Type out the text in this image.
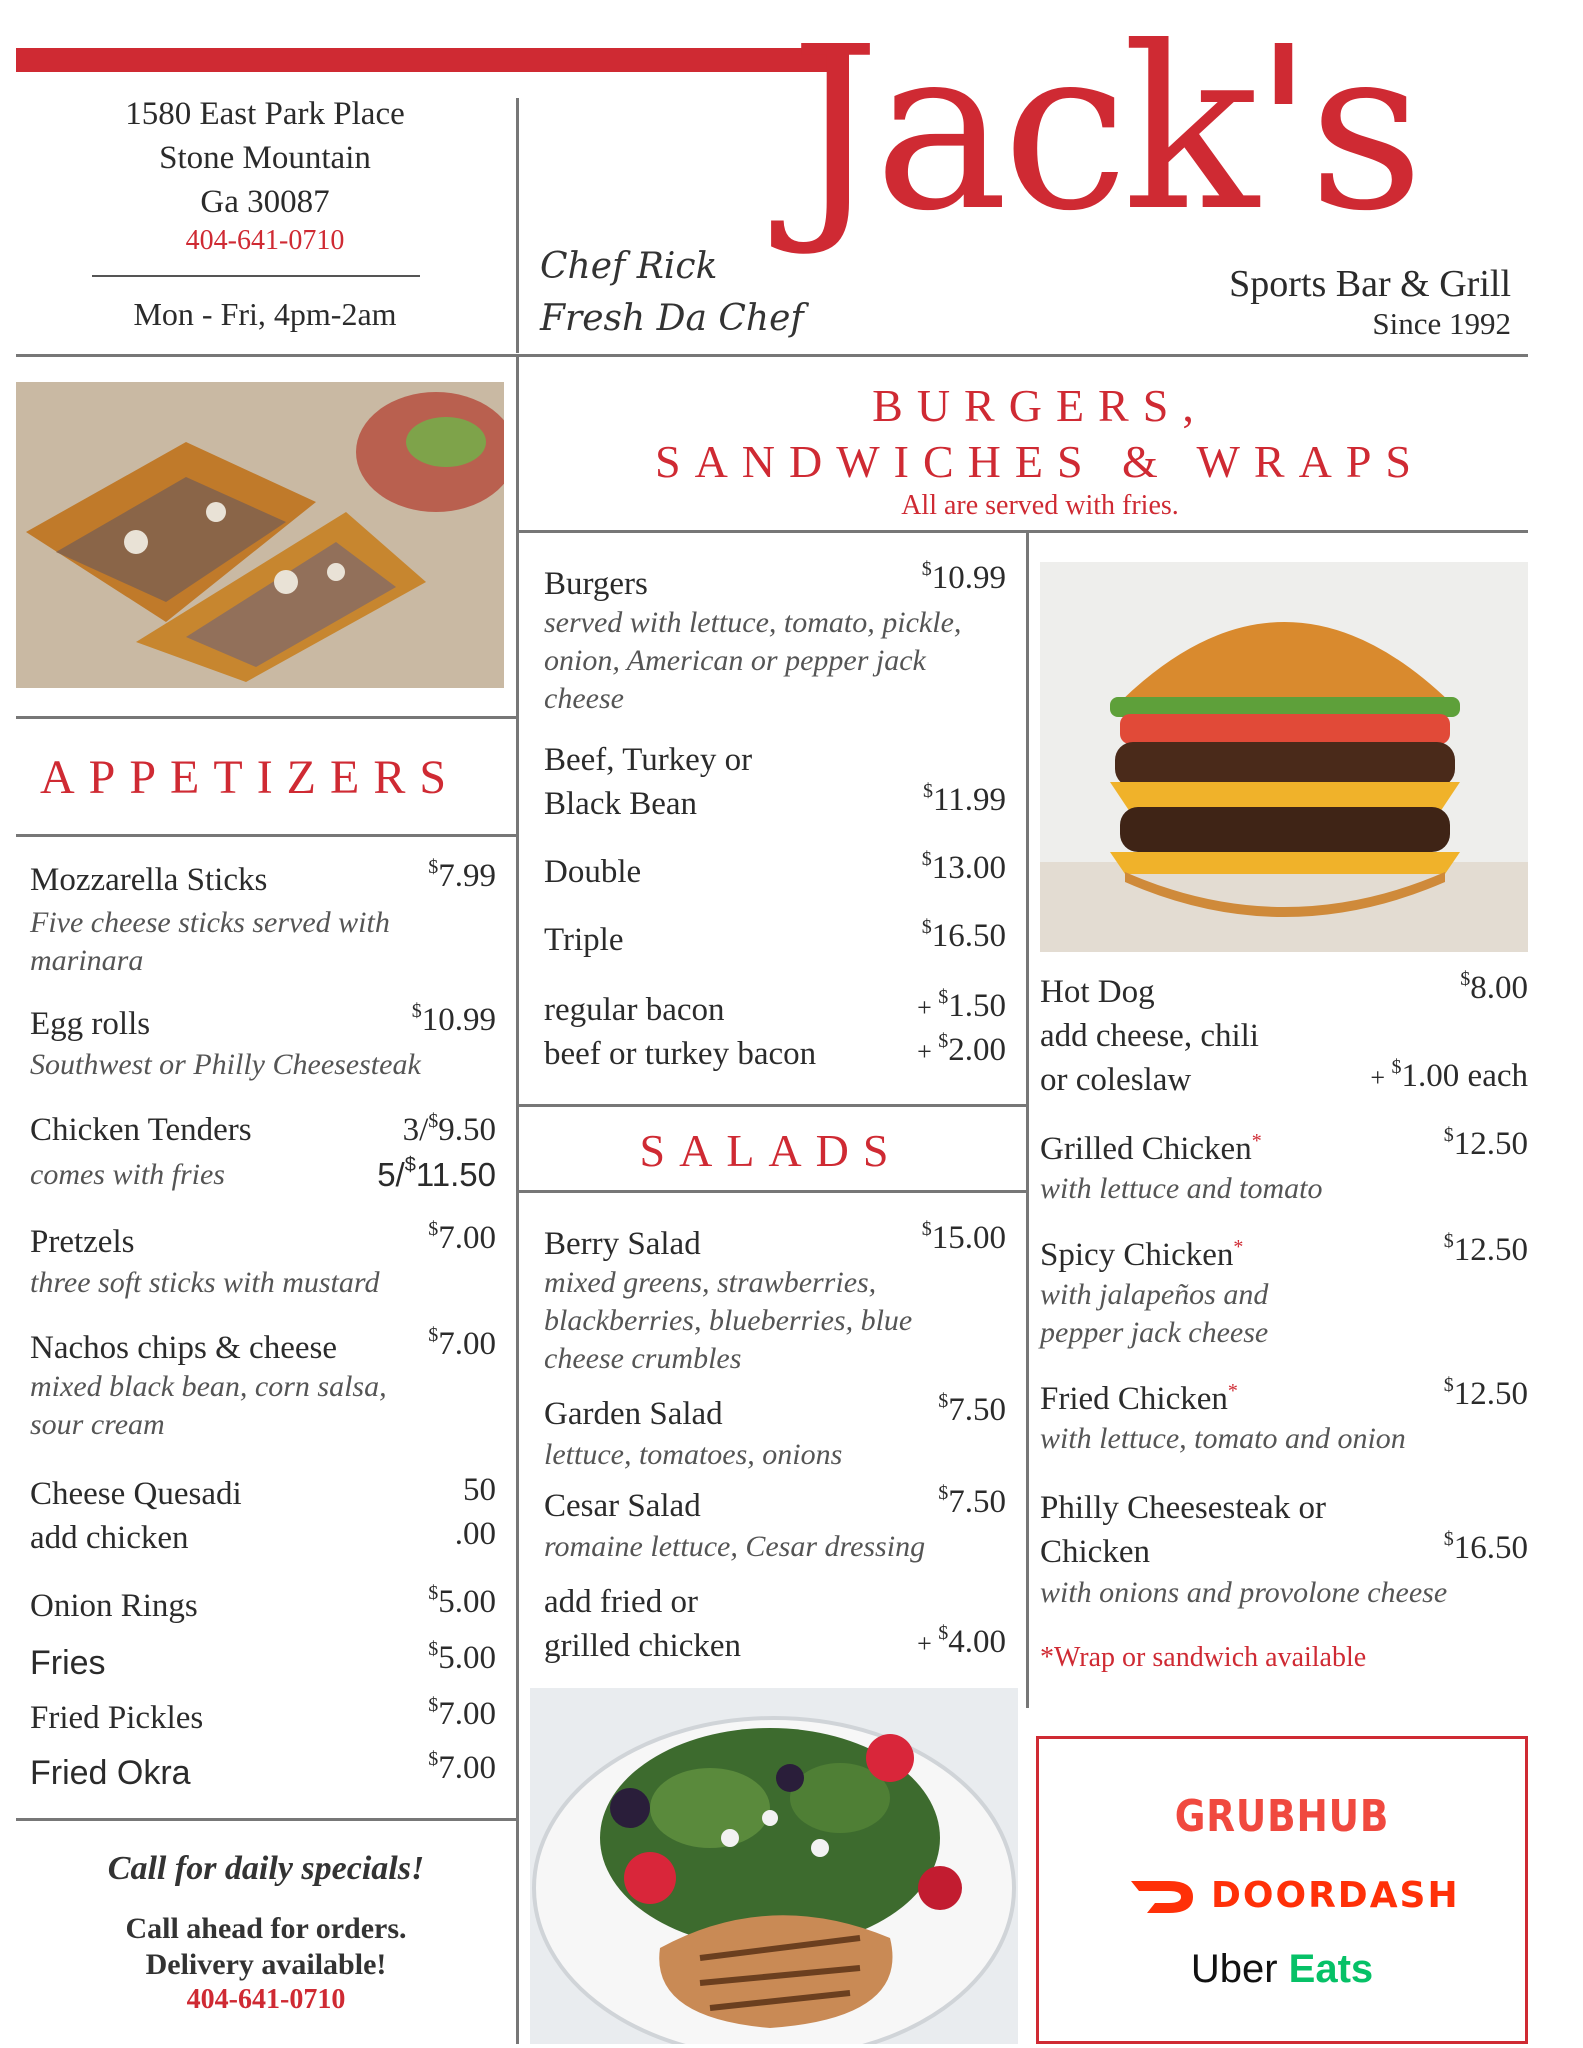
1580 East Park Place
Stone Mountain
Ga 30087
404-641-0710
Mon - Fri, 4pm-2am
Chef Rick
Fresh Da Chef
Jack's
Sports Bar & Grill
Since 1992
APPETIZERS
Mozzarella Sticks	$7.99
Five cheese sticks served with marinara
Egg rolls	$10.99
Southwest or Philly Cheesesteak
Chicken Tenders	3/$9.50
comes with fries	5/$11.50
Pretzels	$7.00
three soft sticks with mustard
Nachos chips & cheese	$7.00
mixed black bean, corn salsa, sour cream
Cheese Quesadi	50
add chicken	.00
Onion Rings	$5.00
Fries	$5.00
Fried Pickles	$7.00
Fried Okra	$7.00
Call for daily specials!
Call ahead for orders.
Delivery available!
404-641-0710
BURGERS,
SANDWICHES & WRAPS
All are served with fries.
Burgers	$10.99
served with lettuce, tomato, pickle, onion, American or pepper jack cheese
Beef, Turkey or
Black Bean	$11.99
Double	$13.00
Triple	$16.50
regular bacon	+ $1.50
beef or turkey bacon	+ $2.00
SALADS
Berry Salad	$15.00
mixed greens, strawberries, blackberries, blueberries, blue cheese crumbles
Garden Salad	$7.50
lettuce, tomatoes, onions
Cesar Salad	$7.50
romaine lettuce, Cesar dressing
add fried or
grilled chicken	+ $4.00
Hot Dog	$8.00
add cheese, chili
or coleslaw	+ $1.00 each
Grilled Chicken*	$12.50
with lettuce and tomato
Spicy Chicken*	$12.50
with jalapeños and
pepper jack cheese
Fried Chicken*	$12.50
with lettuce, tomato and onion
Philly Cheesesteak or
Chicken	$16.50
with onions and provolone cheese
*Wrap or sandwich available
GRUBHUB
DOORDASH
Uber Eats
